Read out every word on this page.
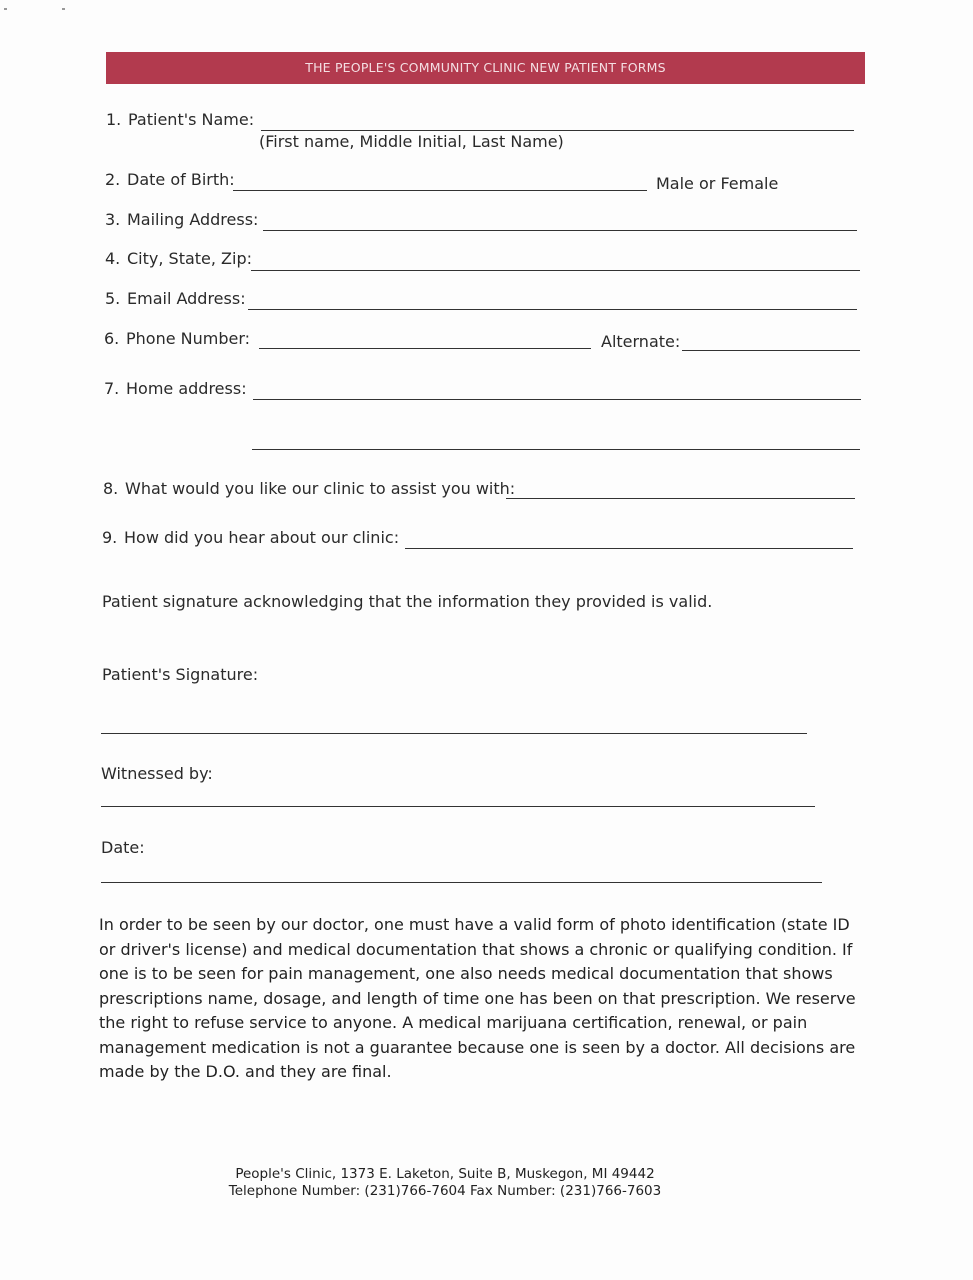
THE PEOPLE'S COMMUNITY CLINIC NEW PATIENT FORMS
1. Patient's Name:
(First name, Middle Initial, Last Name)
2. Date of Birth:	Male or Female
3. Mailing Address:
4. City, State, Zip:
5. Email Address:
6. Phone Number:	Alternate:
7. Home address:
8. What would you like our clinic to assist you with:
9. How did you hear about our clinic:
Patient signature acknowledging that the information they provided is valid.
Patient's Signature:
Witnessed by:
Date:
In order to be seen by our doctor, one must have a valid form of photo identification (state ID or driver's license) and medical documentation that shows a chronic or qualifying condition. If one is to be seen for pain management, one also needs medical documentation that shows prescriptions name, dosage, and length of time one has been on that prescription. We reserve the right to refuse service to anyone. A medical marijuana certification, renewal, or pain management medication is not a guarantee because one is seen by a doctor. All decisions are made by the D.O. and they are final.
People's Clinic, 1373 E. Laketon, Suite B, Muskegon, MI 49442
Telephone Number: (231)766-7604 Fax Number: (231)766-7603
